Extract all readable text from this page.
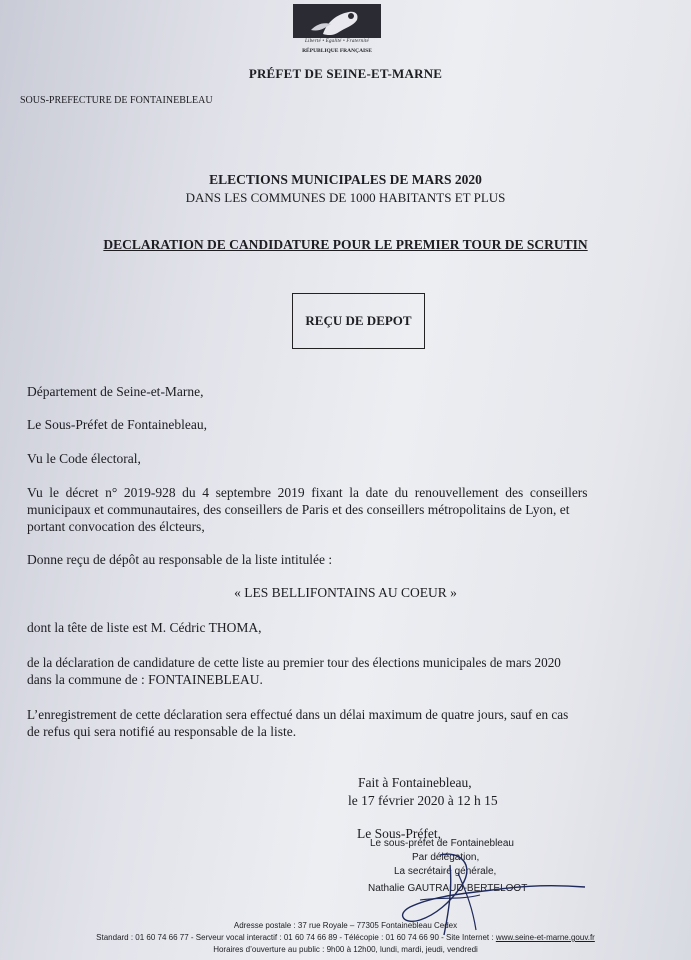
Liberté • Égalité • Fraternité
RÉPUBLIQUE FRANÇAISE
PRÉFET DE SEINE-ET-MARNE
SOUS-PREFECTURE DE FONTAINEBLEAU
ELECTIONS MUNICIPALES DE MARS 2020
DANS LES COMMUNES DE 1000 HABITANTS ET PLUS
DECLARATION DE CANDIDATURE POUR LE PREMIER TOUR DE SCRUTIN
REÇU DE DEPOT
Département de Seine-et-Marne,
Le Sous-Préfet de Fontainebleau,
Vu le Code électoral,
Vu le décret n° 2019-928 du 4 septembre 2019 fixant la date du renouvellement des conseillers
municipaux et communautaires, des conseillers de Paris et des conseillers métropolitains de Lyon, et
portant convocation des élcteurs,
Donne reçu de dépôt au responsable de la liste intitulée :
« LES BELLIFONTAINS AU COEUR »
dont la tête de liste est M. Cédric THOMA,
de la déclaration de candidature de cette liste au premier tour des élections municipales de mars 2020
dans la commune de : FONTAINEBLEAU.
L’enregistrement de cette déclaration sera effectué dans un délai maximum de quatre jours, sauf en cas
de refus qui sera notifié au responsable de la liste.
Fait à Fontainebleau,
le 17 février 2020 à 12 h 15
Le Sous-Préfet,
Le sous-préfet de Fontainebleau
Par délégation,
La secrétaire générale,
Nathalie GAUTRAUD-BERTELOOT
Adresse postale : 37 rue Royale – 77305 Fontainebleau Cedex
Standard : 01 60 74 66 77 - Serveur vocal interactif : 01 60 74 66 89 - Télécopie : 01 60 74 66 90 - Site Internet : www.seine-et-marne.gouv.fr
Horaires d’ouverture au public : 9h00 à 12h00, lundi, mardi, jeudi, vendredi
